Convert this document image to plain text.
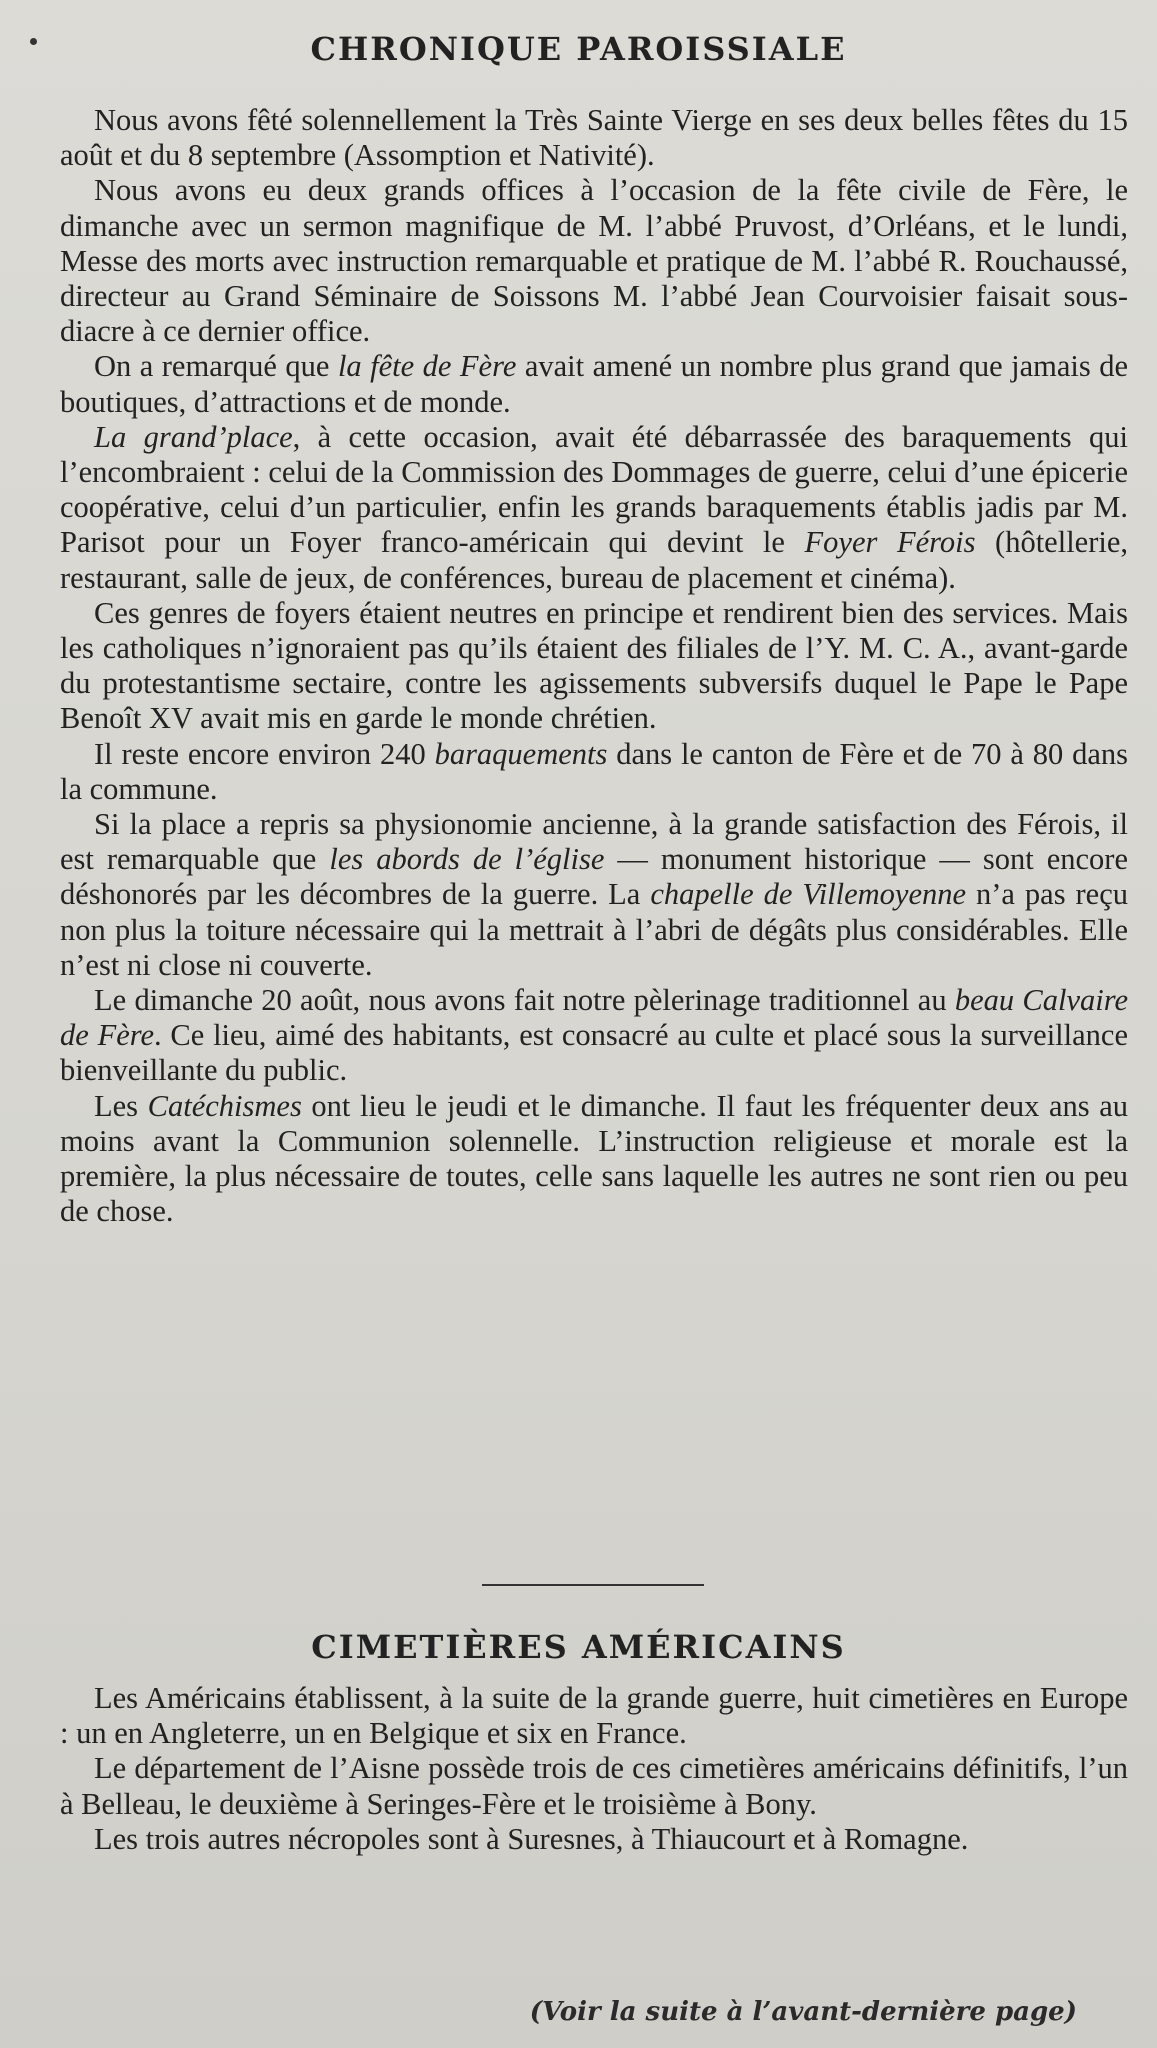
CHRONIQUE PAROISSIALE

Nous avons fêté solennellement la Très Sainte Vierge en ses deux belles fêtes du 15 août et du 8 septembre (Assomption et Nativité).

Nous avons eu deux grands offices à l’occasion de la fête civile de Fère, le dimanche avec un sermon magnifique de M. l’abbé Pruvost, d’Orléans, et le lundi, Messe des morts avec instruction remarquable et pratique de M. l’abbé R. Rouchaussé, directeur au Grand Séminaire de Soissons M. l’abbé Jean Courvoisier faisait sous-diacre à ce dernier office.

On a remarqué que la fête de Fère avait amené un nombre plus grand que jamais de boutiques, d’attractions et de monde.

La grand’place, à cette occasion, avait été débarrassée des baraquements qui l’encombraient : celui de la Commission des Dommages de guerre, celui d’une épicerie coopérative, celui d’un particulier, enfin les grands baraquements établis jadis par M. Parisot pour un Foyer franco-américain qui devint le Foyer Férois (hôtellerie, restaurant, salle de jeux, de conférences, bureau de placement et cinéma).

Ces genres de foyers étaient neutres en principe et rendirent bien des services. Mais les catholiques n’ignoraient pas qu’ils étaient des filiales de l’Y. M. C. A., avant-garde du protestantisme sectaire, contre les agissements subversifs duquel le Pape le Pape Benoît XV avait mis en garde le monde chrétien.

Il reste encore environ 240 baraquements dans le canton de Fère et de 70 à 80 dans la commune.

Si la place a repris sa physionomie ancienne, à la grande satisfaction des Férois, il est remarquable que les abords de l’église — monument historique — sont encore déshonorés par les décombres de la guerre. La chapelle de Villemoyenne n’a pas reçu non plus la toiture nécessaire qui la mettrait à l’abri de dégâts plus considérables. Elle n’est ni close ni couverte.

Le dimanche 20 août, nous avons fait notre pèlerinage traditionnel au beau Calvaire de Fère. Ce lieu, aimé des habitants, est consacré au culte et placé sous la surveillance bienveillante du public.

Les Catéchismes ont lieu le jeudi et le dimanche. Il faut les fréquenter deux ans au moins avant la Communion solennelle. L’instruction religieuse et morale est la première, la plus nécessaire de toutes, celle sans laquelle les autres ne sont rien ou peu de chose.

CIMETIÈRES AMÉRICAINS

Les Américains établissent, à la suite de la grande guerre, huit cimetières en Europe : un en Angleterre, un en Belgique et six en France.

Le département de l’Aisne possède trois de ces cimetières américains définitifs, l’un à Belleau, le deuxième à Seringes-Fère et le troisième à Bony.

Les trois autres nécropoles sont à Suresnes, à Thiaucourt et à Romagne.

(Voir la suite à l’avant-dernière page)
